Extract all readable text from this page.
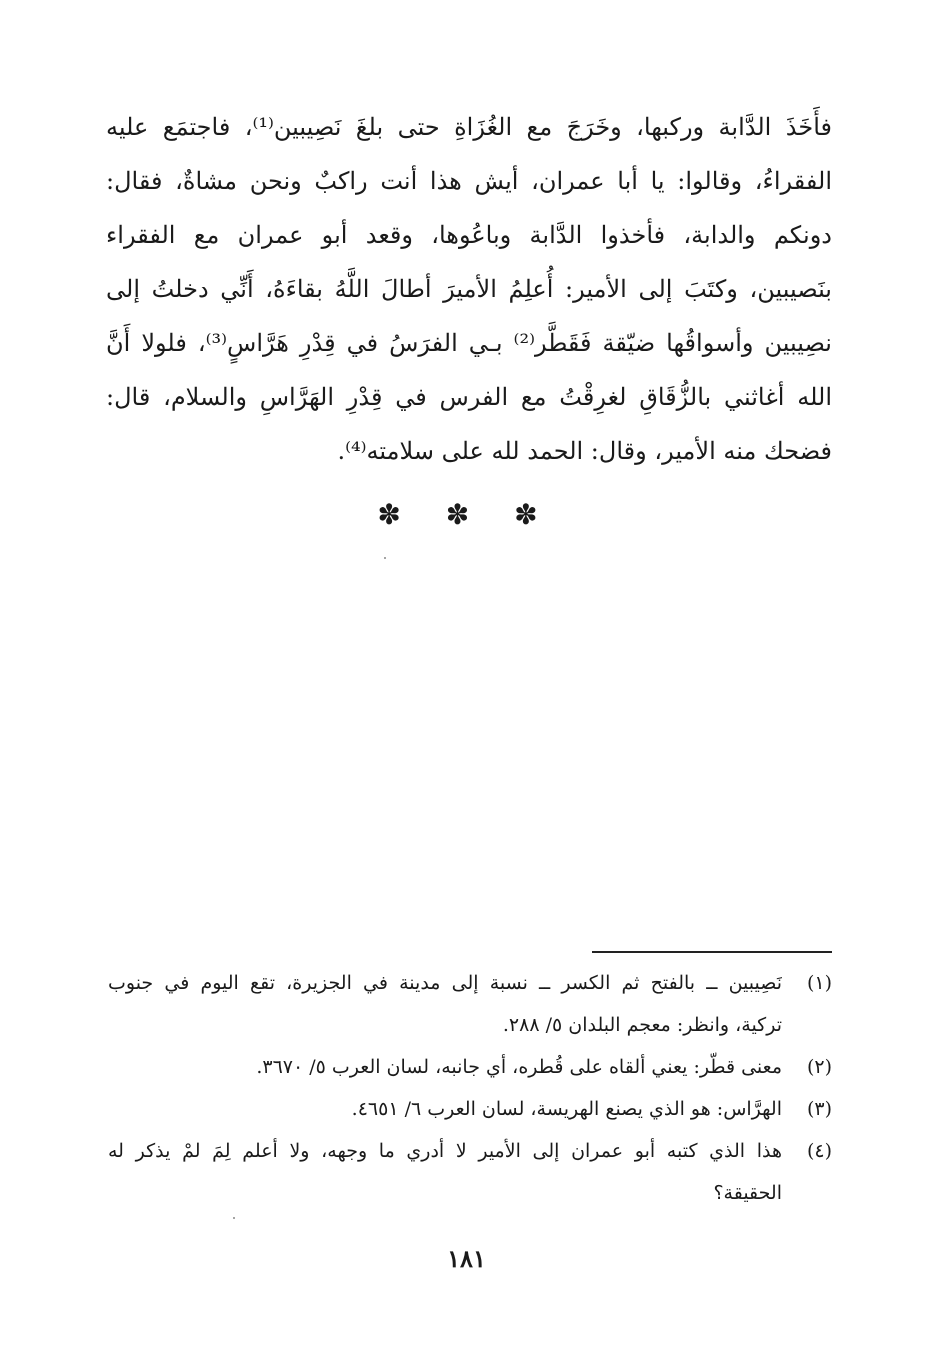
فأَخَذَ الدَّابة وركبها، وخَرَجَ مع الغُزَاةِ حتى بلغَ نَصِيبين⁽¹⁾، فاجتمَع عليه
الفقراءُ، وقالوا: يا أبا عمران، أيش هذا أنت راكبٌ ونحن مشاةٌ، فقال:
دونكم والدابة، فأخذوا الدَّابة وباعُوها، وقعد أبو عمران مع الفقراء
بنَصيبين، وكتَبَ إلى الأمير: أُعلِمُ الأميرَ أطالَ اللَّهُ بقاءَهُ، أَنِّي دخلتُ إلى
نصِيبين وأسواقُها ضيّقة فَقَطَّر⁽²⁾ بـي الفرَسُ في قِدْرِ هَرَّاسٍ⁽³⁾، فلولا أَنَّ
الله أغاثني بالزُّقَاقِ لغرِقْتُ مع الفرس في قِدْرِ الهَرَّاسِ والسلام، قال:
فضحك منه الأمير، وقال: الحمد لله على سلامته⁽⁴⁾.
✽ ✽ ✽
(١)
نَصِيبين ــ بالفتح ثم الكسر ــ نسبة إلى مدينة في الجزيرة، تقع اليوم في جنوب
تركية، وانظر: معجم البلدان ٥/ ٢٨٨.
(٢)
معنى قطّر: يعني ألقاه على قُطره، أي جانبه، لسان العرب ٥/ ٣٦٧٠.
(٣)
الهرَّاس: هو الذي يصنع الهريسة، لسان العرب ٦/ ٤٦٥١.
(٤)
هذا الذي كتبه أبو عمران إلى الأمير لا أدري ما وجهه، ولا أعلم لِمَ لمْ يذكر له
الحقيقة؟
١٨١
